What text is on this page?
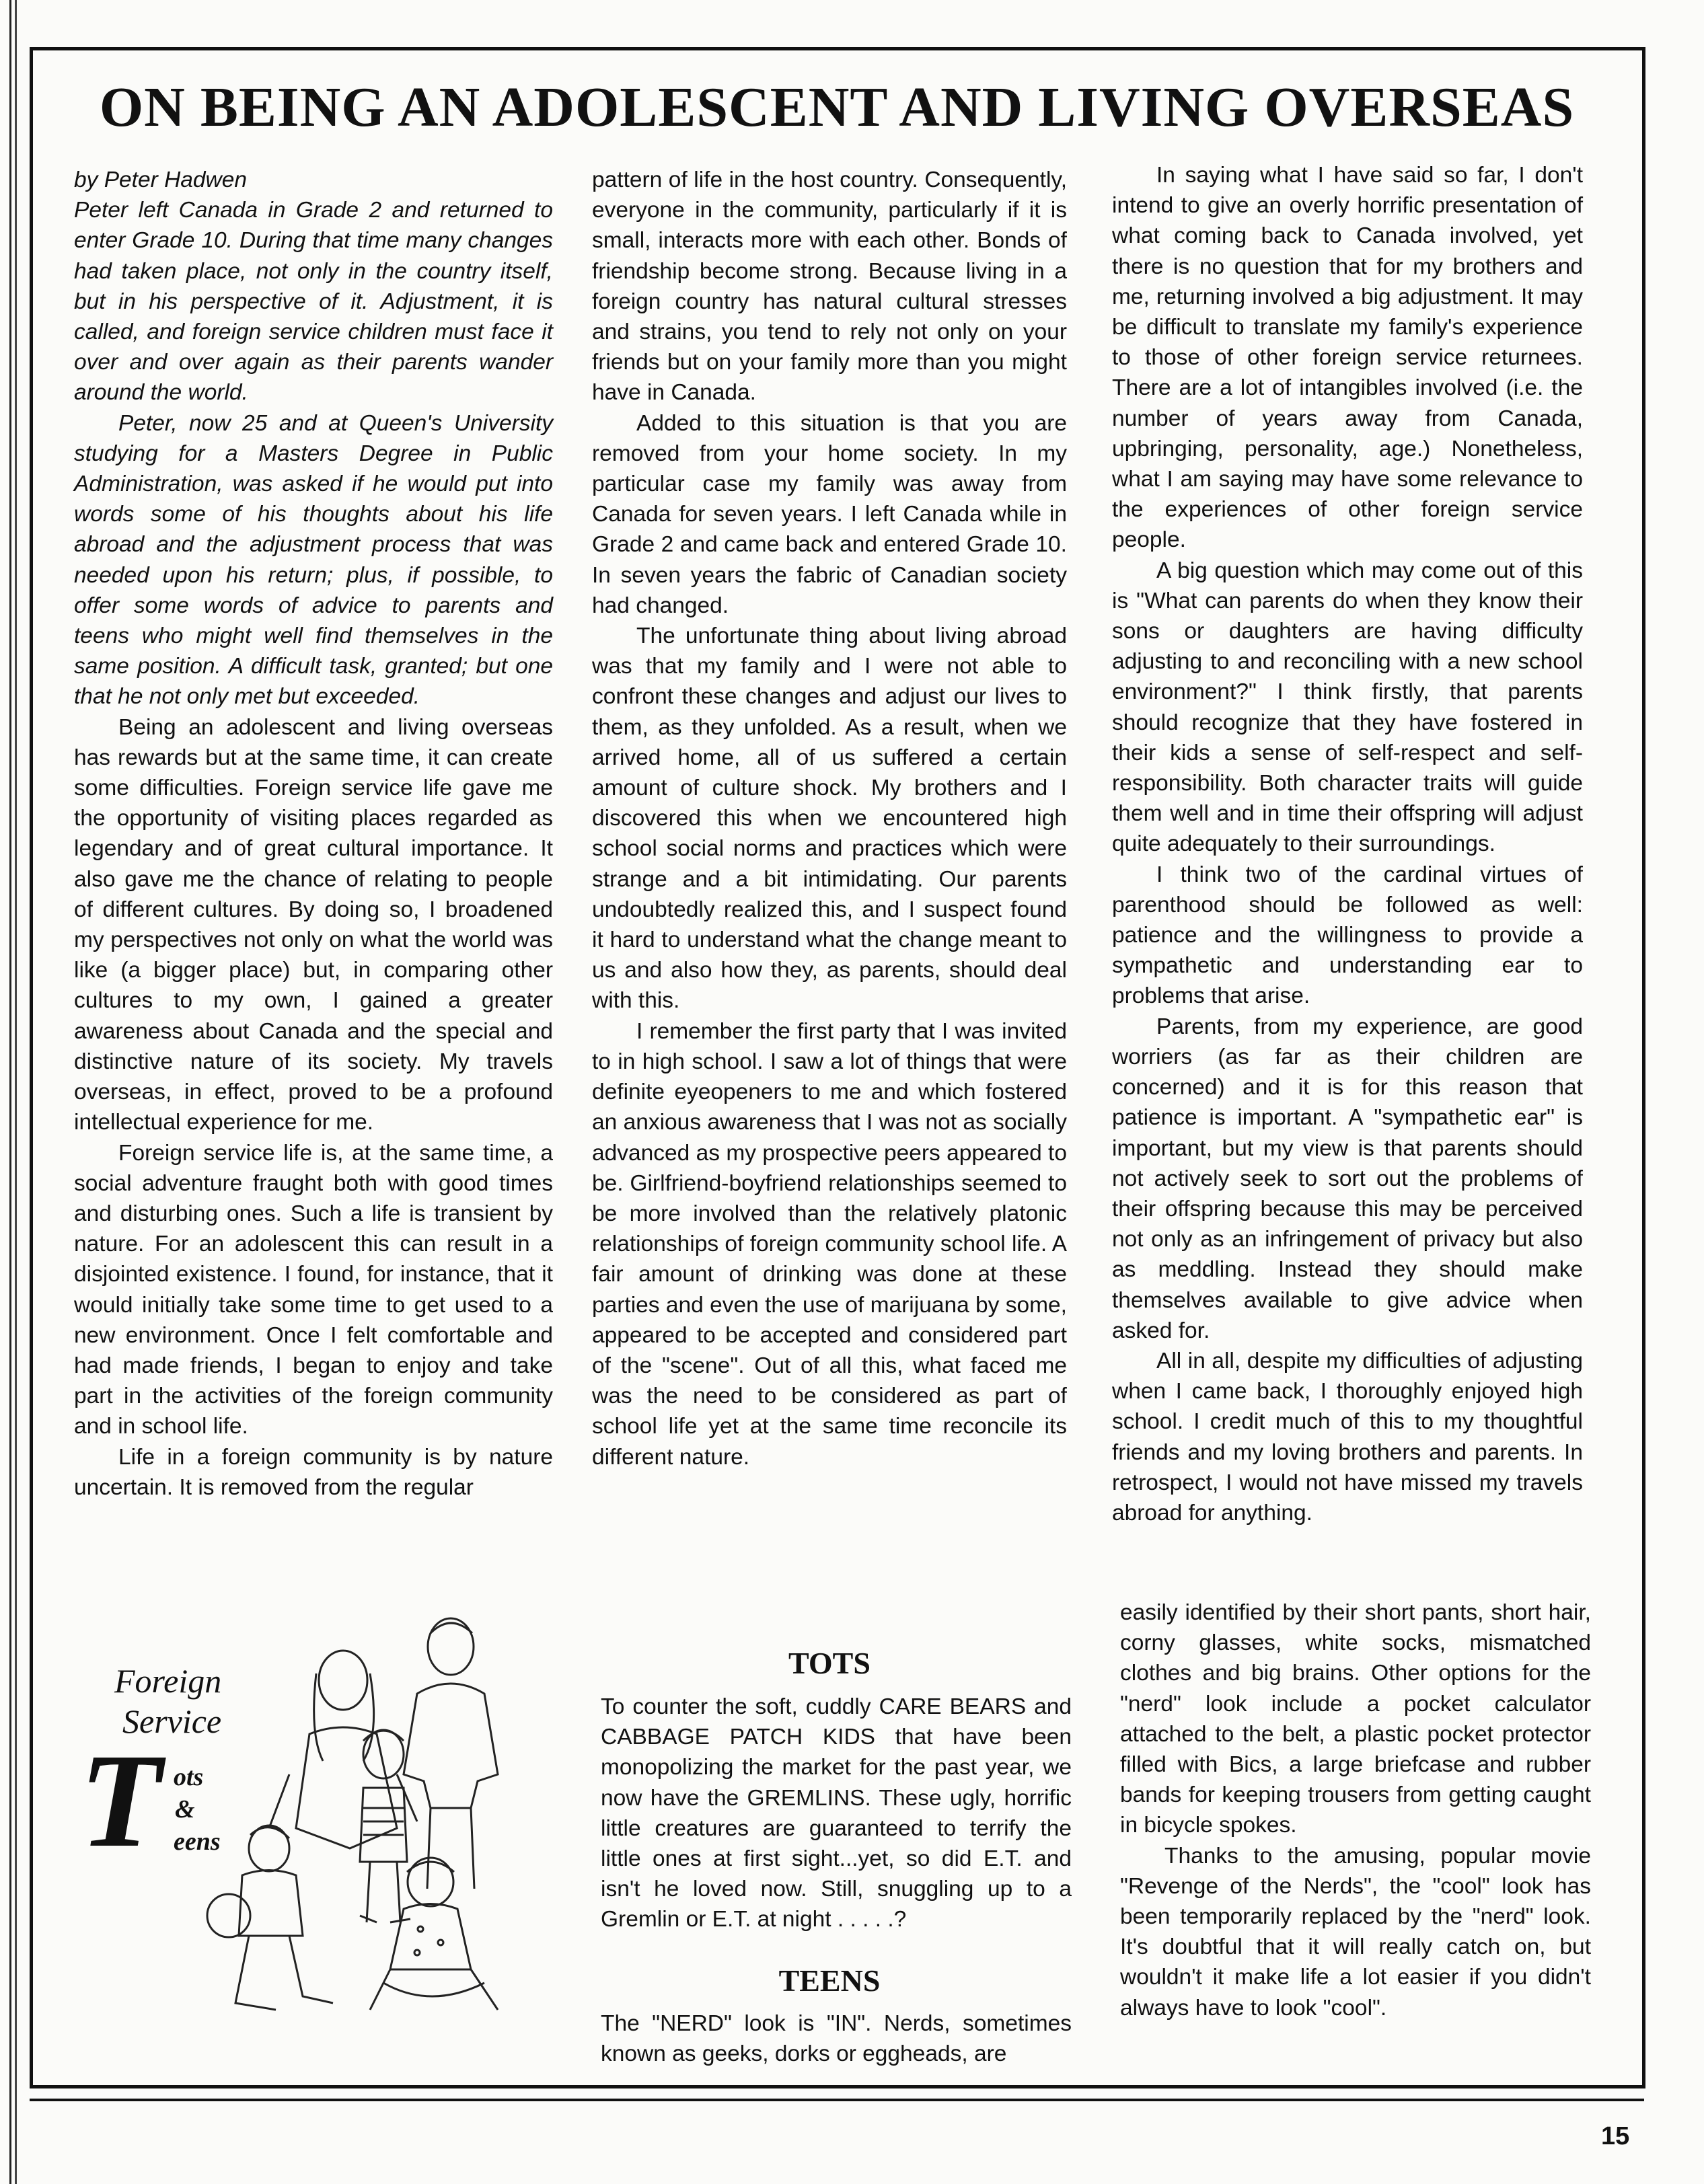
ON BEING AN ADOLESCENT AND LIVING OVERSEAS

by Peter Hadwen

Peter left Canada in Grade 2 and returned to enter Grade 10. During that time many changes had taken place, not only in the country itself, but in his perspective of it. Adjustment, it is called, and foreign service children must face it over and over again as their parents wander around the world.

Peter, now 25 and at Queen's University studying for a Masters Degree in Public Administration, was asked if he would put into words some of his thoughts about his life abroad and the adjustment process that was needed upon his return; plus, if possible, to offer some words of advice to parents and teens who might well find themselves in the same position. A difficult task, granted; but one that he not only met but exceeded.

Being an adolescent and living overseas has rewards but at the same time, it can create some difficulties. Foreign service life gave me the opportunity of visiting places regarded as legendary and of great cultural importance. It also gave me the chance of relating to people of different cultures. By doing so, I broadened my perspectives not only on what the world was like (a bigger place) but, in comparing other cultures to my own, I gained a greater awareness about Canada and the special and distinctive nature of its society. My travels overseas, in effect, proved to be a profound intellectual experience for me.

Foreign service life is, at the same time, a social adventure fraught both with good times and disturbing ones. Such a life is transient by nature. For an adolescent this can result in a disjointed existence. I found, for instance, that it would initially take some time to get used to a new environment. Once I felt comfortable and had made friends, I began to enjoy and take part in the activities of the foreign community and in school life.

Life in a foreign community is by nature uncertain. It is removed from the regular

pattern of life in the host country. Consequently, everyone in the community, particularly if it is small, interacts more with each other. Bonds of friendship become strong. Because living in a foreign country has natural cultural stresses and strains, you tend to rely not only on your friends but on your family more than you might have in Canada.

Added to this situation is that you are removed from your home society. In my particular case my family was away from Canada for seven years. I left Canada while in Grade 2 and came back and entered Grade 10. In seven years the fabric of Canadian society had changed.

The unfortunate thing about living abroad was that my family and I were not able to confront these changes and adjust our lives to them, as they unfolded. As a result, when we arrived home, all of us suffered a certain amount of culture shock. My brothers and I discovered this when we encountered high school social norms and practices which were strange and a bit intimidating. Our parents undoubtedly realized this, and I suspect found it hard to understand what the change meant to us and also how they, as parents, should deal with this.

I remember the first party that I was invited to in high school. I saw a lot of things that were definite eyeopeners to me and which fostered an anxious awareness that I was not as socially advanced as my prospective peers appeared to be. Girlfriend-boyfriend relationships seemed to be more involved than the relatively platonic relationships of foreign community school life. A fair amount of drinking was done at these parties and even the use of marijuana by some, appeared to be accepted and considered part of the "scene". Out of all this, what faced me was the need to be considered as part of school life yet at the same time reconcile its different nature.

In saying what I have said so far, I don't intend to give an overly horrific presentation of what coming back to Canada involved, yet there is no question that for my brothers and me, returning involved a big adjustment. It may be difficult to translate my family's experience to those of other foreign service returnees. There are a lot of intangibles involved (i.e. the number of years away from Canada, upbringing, personality, age.) Nonetheless, what I am saying may have some relevance to the experiences of other foreign service people.

A big question which may come out of this is "What can parents do when they know their sons or daughters are having difficulty adjusting to and reconciling with a new school environment?" I think firstly, that parents should recognize that they have fostered in their kids a sense of self-respect and self-responsibility. Both character traits will guide them well and in time their offspring will adjust quite adequately to their surroundings.

I think two of the cardinal virtues of parenthood should be followed as well: patience and the willingness to provide a sympathetic and understanding ear to problems that arise.

Parents, from my experience, are good worriers (as far as their children are concerned) and it is for this reason that patience is important. A "sympathetic ear" is important, but my view is that parents should not actively seek to sort out the problems of their offspring because this may be perceived not only as an infringement of privacy but also as meddling. Instead they should make themselves available to give advice when asked for.

All in all, despite my difficulties of adjusting when I came back, I thoroughly enjoyed high school. I credit much of this to my thoughtful friends and my loving brothers and parents. In retrospect, I would not have missed my travels abroad for anything.

Foreign
Service
T ots
&
eens
TOTS

To counter the soft, cuddly CARE BEARS and CABBAGE PATCH KIDS that have been monopolizing the market for the past year, we now have the GREMLINS. These ugly, horrific little creatures are guaranteed to terrify the little ones at first sight...yet, so did E.T. and isn't he loved now. Still, snuggling up to a Gremlin or E.T. at night . . . . .?

TEENS

The "NERD" look is "IN". Nerds, sometimes known as geeks, dorks or eggheads, are

easily identified by their short pants, short hair, corny glasses, white socks, mismatched clothes and big brains. Other options for the "nerd" look include a pocket calculator attached to the belt, a plastic pocket protector filled with Bics, a large briefcase and rubber bands for keeping trousers from getting caught in bicycle spokes.

Thanks to the amusing, popular movie "Revenge of the Nerds", the "cool" look has been temporarily replaced by the "nerd" look. It's doubtful that it will really catch on, but wouldn't it make life a lot easier if you didn't always have to look "cool".

15
